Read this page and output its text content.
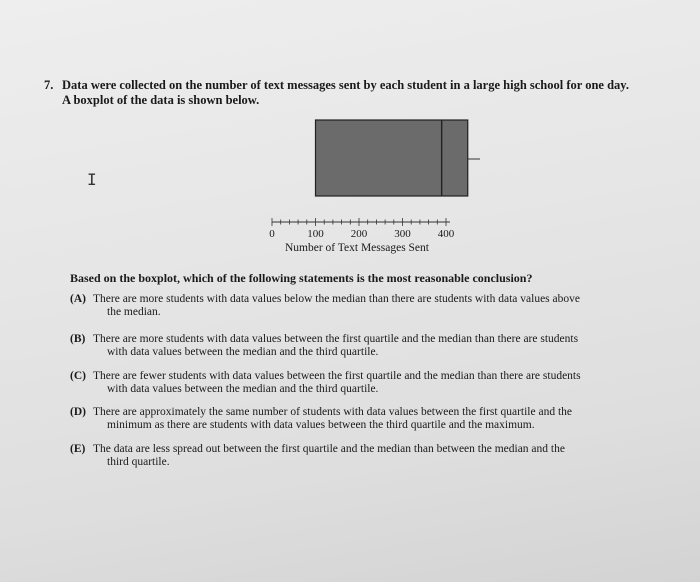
7. Data were collected on the number of text messages sent by each student in a large high school for one day.
A boxplot of the data is shown below.
I
0	100 200 300 400
Number of Text Messages Sent
Based on the boxplot, which of the following statements is the most reasonable conclusion?
(A) There are more students with data values below the median than there are students with data values above
the median.
(B) There are more students with data values between the first quartile and the median than there are students
with data values between the median and the third quartile.
(C) There are fewer students with data values between the first quartile and the median than there are students
with data values between the median and the third quartile.
(D) There are approximately the same number of students with data values between the first quartile and the
minimum as there are students with data values between the third quartile and the maximum.
(E) The data are less spread out between the first quartile and the median than between the median and the
third quartile.
